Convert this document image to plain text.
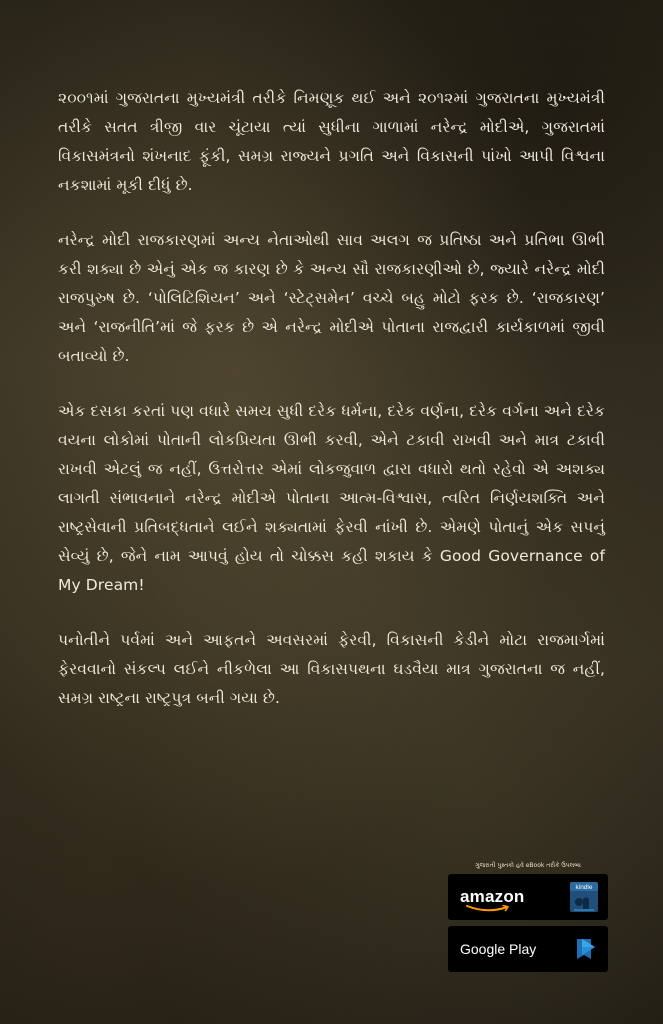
૨૦૦૧માં ગુજરાતના મુખ્યમંત્રી તરીકે નિમણૂક થઈ અને ૨૦૧૨માં ગુજરાતના મુખ્યમંત્રી તરીકે સતત ત્રીજી વાર ચૂંટાયા ત્યાં સુધીના ગાળામાં નરેન્દ્ર મોદીએ, ગુજરાતમાં વિકાસમંત્રનો શંખનાદ ફૂંકી, સમગ્ર રાજ્યને પ્રગતિ અને વિકાસની પાંખો આપી વિશ્વના નકશામાં મૂકી દીધું છે.

નરેન્દ્ર મોદી રાજકારણમાં અન્ય નેતાઓથી સાવ અલગ જ પ્રતિષ્ઠા અને પ્રતિભા ઊભી કરી શક્યા છે એનું એક જ કારણ છે કે અન્ય સૌ રાજકારણીઓ છે, જ્યારે નરેન્દ્ર મોદી રાજપુરુષ છે. ‘પોલિટિશિયન’ અને ‘સ્ટેટ્સમેન’ વચ્ચે બહુ મોટો ફરક છે. ‘રાજકારણ’ અને ‘રાજનીતિ’માં જે ફરક છે એ નરેન્દ્ર મોદીએ પોતાના રાજદ્વારી કાર્યકાળમાં જીવી બતાવ્યો છે.

એક દસકા કરતાં પણ વધારે સમય સુધી દરેક ધર્મના, દરેક વર્ણના, દરેક વર્ગના અને દરેક વયના લોકોમાં પોતાની લોકપ્રિયતા ઊભી કરવી, એને ટકાવી રાખવી અને માત્ર ટકાવી રાખવી એટલું જ નહીં, ઉત્તરોત્તર એમાં લોકજુવાળ દ્વારા વધારો થતો રહેવો એ અશક્ય લાગતી સંભાવનાને નરેન્દ્ર મોદીએ પોતાના આત્મ-વિશ્વાસ, ત્વરિત નિર્ણયશક્તિ અને રાષ્ટ્રસેવાની પ્રતિબદ્ધતાને લઈને શક્યતામાં ફેરવી નાંખી છે. એમણે પોતાનું એક સપનું સેવ્યું છે, જેને નામ આપવું હોય તો ચોક્કસ કહી શકાય કે Good Governance of My Dream!

પનોતીને પર્વમાં અને આફતને અવસરમાં ફેરવી, વિકાસની કેડીને મોટા રાજમાર્ગમાં ફેરવવાનો સંકલ્પ લઈને નીકળેલા આ વિકાસપથના ઘડવૈયા માત્ર ગુજરાતના જ નહીં, સમગ્ર રાષ્ટ્રના રાષ્ટ્રપુત્ર બની ગયા છે.

ગુજરાતી પુસ્તકો હવે eBook તરીકે ઉપલબ્ધ
amazon	kindle
Google Play
